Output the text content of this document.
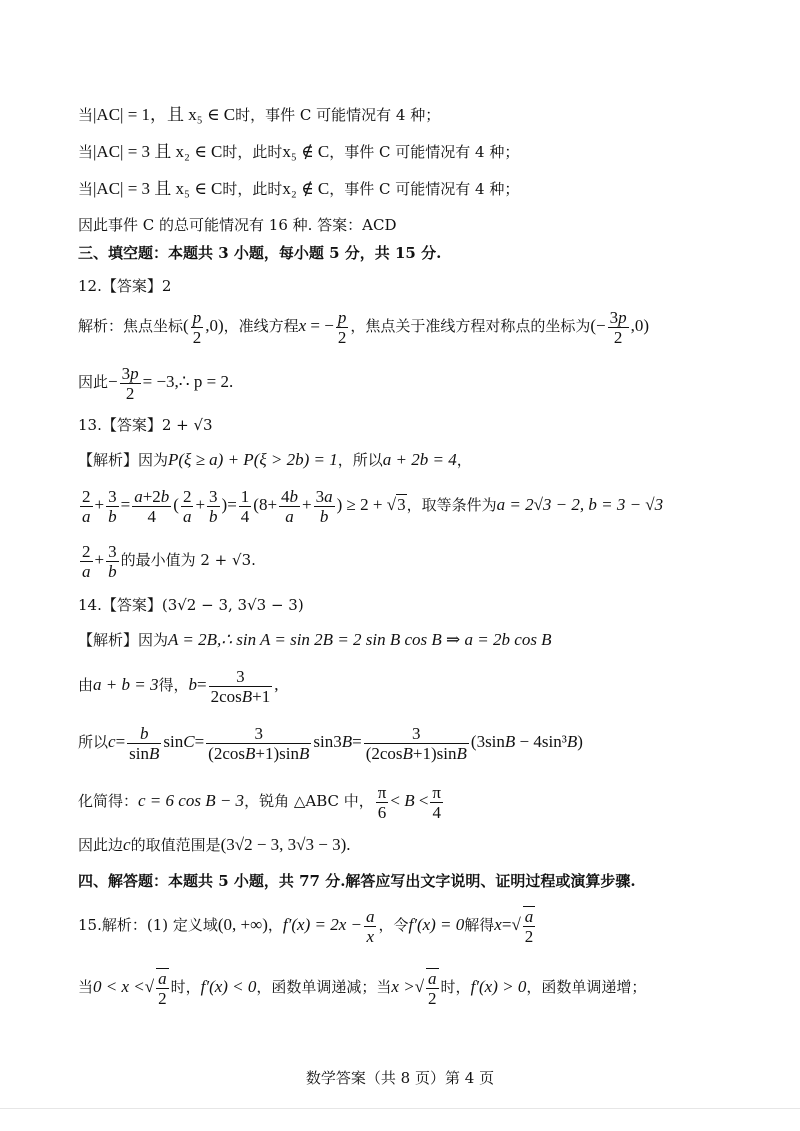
当|AC| = 1，且 x₅ ∈ C时，事件 C 可能情况有 4 种；
当|AC| = 3 且 x₂ ∈ C时，此时x₅ ∉ C，事件 C 可能情况有 4 种；
当|AC| = 3 且 x₅ ∈ C时，此时x₂ ∉ C，事件 C 可能情况有 4 种；
因此事件 C 的总可能情况有 16 种. 答案：ACD
三、填空题：本题共 3 小题，每小题 5 分，共 15 分.
12.【答案】2
解析：焦点坐标( $\frac{p}{2} ,0$)，准线方程x = − $\frac{p}{2}$ ，焦点关于准线方程对称点的坐标为(− $\frac{3p}{2} ,0$)
因此− $\frac{3p}{2}$ = −3,∴ p = 2.
13.【答案】2 + √3
【解析】因为P(ξ ≥ a) + P(ξ > 2b) = 1，所以a + 2b = 4，
$\frac{2}{a} + \frac{3}{b} = \frac{a+2b}{4}$ ( $\frac{2}{a} + \frac{3}{b}$ )= $\frac{1}{4} (8+ \frac{4b}{a} + \frac{3a}{b}$ ) ≥ 2 + √3，取等条件为a = 2√3 − 2, b = 3 − √3
$\frac{2}{a} + \frac{3}{b}$ 的最小值为 2 + √3.
14.【答案】(3√2 − 3, 3√3 − 3)
【解析】因为A = 2B,∴ sin A = sin 2B = 2 sin B cos B ⇒ a = 2b cos B
由a + b = 3得，$b= \frac{3}{2\cos B+1}$ ,
所以$c= \frac{b}{\sin B} \sin C= \frac{3}{(2\cos B+1)\sin B} \sin 3B= \frac{3}{(2\cos B+1)\sin B} (3\sin B - 4\sin^3B)$
化简得：c = 6 cos B − 3，锐角 △ABC 中， $\frac{\pi}{6} < B < \frac{\pi}{4}$
因此边c的取值范围是(3√2 − 3, 3√3 − 3).
四、解答题：本题共 5 小题，共 77 分.解答应写出文字说明、证明过程或演算步骤.
15.解析：(1) 定义域(0, +∞)，$f'(x) = 2x - \frac{a}{x}$ ，令f′(x) = 0解得$x=√ \frac{a}{2}$
当0 < x <√ $\frac{a}{2}$ 时，f′(x) < 0，函数单调递减；当x >√ $\frac{a}{2}$ 时，f′(x) > 0，函数单调递增；
数学答案（共 8 页）第 4 页
